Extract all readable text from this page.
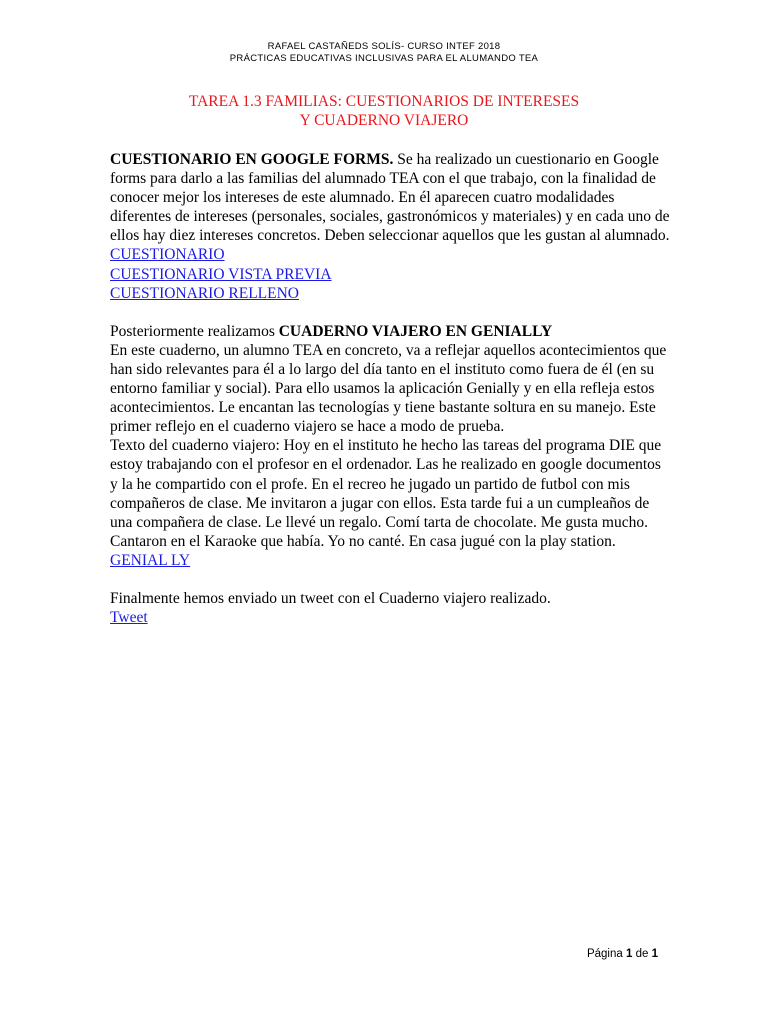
RAFAEL CASTAÑEDS SOLÍS- CURSO INTEF 2018
PRÁCTICAS EDUCATIVAS INCLUSIVAS PARA EL ALUMANDO TEA
TAREA 1.3 FAMILIAS: CUESTIONARIOS DE INTERESES
Y CUADERNO VIAJERO

CUESTIONARIO EN GOOGLE FORMS. Se ha realizado un cuestionario en Google forms para darlo a las familias del alumnado TEA con el que trabajo, con la finalidad de conocer mejor los intereses de este alumnado. En él aparecen cuatro modalidades diferentes de intereses (personales, sociales, gastronómicos y materiales) y en cada uno de ellos hay diez intereses concretos. Deben seleccionar aquellos que les gustan al alumnado.

CUESTIONARIO
CUESTIONARIO VISTA PREVIA
CUESTIONARIO RELLENO

Posteriormente realizamos CUADERNO VIAJERO EN GENIALLY

En este cuaderno, un alumno TEA en concreto, va a reflejar aquellos acontecimientos que han sido relevantes para él a lo largo del día tanto en el instituto como fuera de él (en su entorno familiar y social). Para ello usamos la aplicación Genially y en ella refleja estos acontecimientos. Le encantan las tecnologías y tiene bastante soltura en su manejo. Este primer reflejo en el cuaderno viajero se hace a modo de prueba.

Texto del cuaderno viajero: Hoy en el instituto he hecho las tareas del programa DIE que estoy trabajando con el profesor en el ordenador. Las he realizado en google documentos y la he compartido con el profe. En el recreo he jugado un partido de futbol con mis compañeros de clase. Me invitaron a jugar con ellos. Esta tarde fui a un cumpleaños de una compañera de clase. Le llevé un regalo. Comí tarta de chocolate. Me gusta mucho. Cantaron en el Karaoke que había. Yo no canté. En casa jugué con la play station.

GENIAL LY

Finalmente hemos enviado un tweet con el Cuaderno viajero realizado.

Tweet
Página 1 de 1
